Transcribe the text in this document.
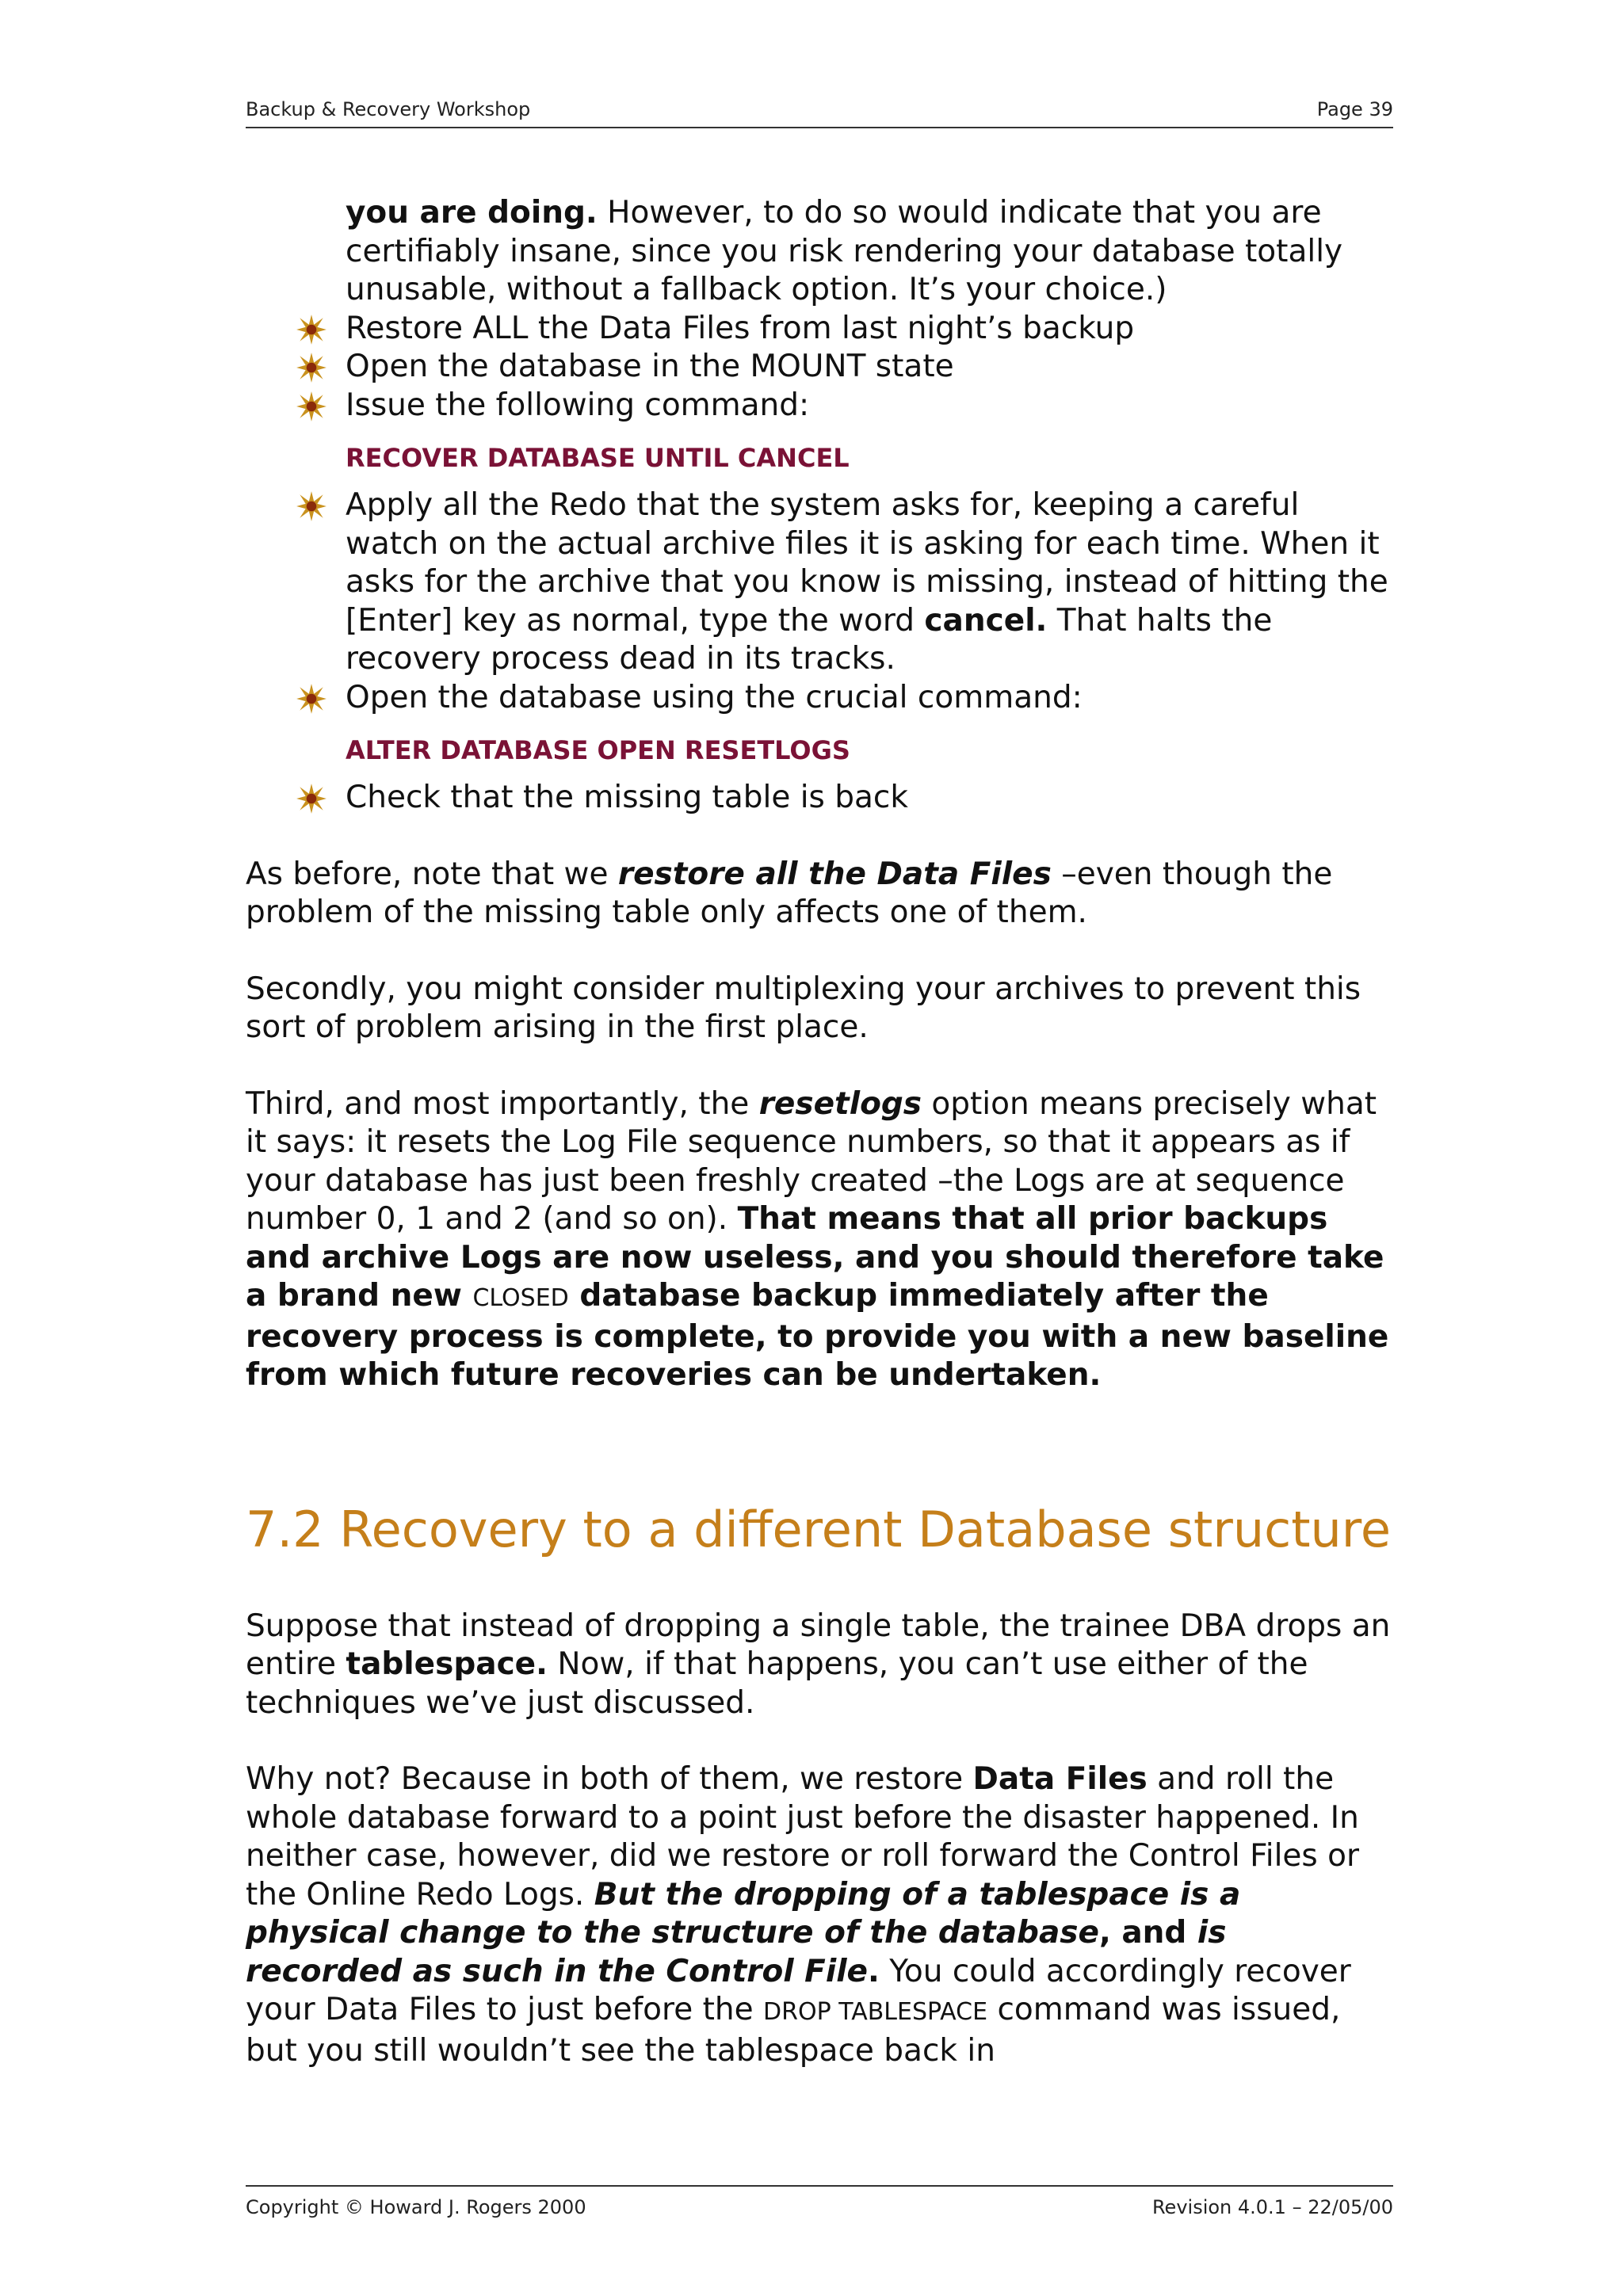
Backup & Recovery Workshop	Page 39

you are doing. However, to do so would indicate that you are certifiably insane, since you risk rendering your database totally unusable, without a fallback option. It’s your choice.)

Restore ALL the Data Files from last night’s backup
Open the database in the MOUNT state
Issue the following command:
RECOVER DATABASE UNTIL CANCEL
Apply all the Redo that the system asks for, keeping a careful watch on the actual archive files it is asking for each time. When it asks for the archive that you know is missing, instead of hitting the [Enter] key as normal, type the word cancel. That halts the recovery process dead in its tracks.
Open the database using the crucial command:
ALTER DATABASE OPEN RESETLOGS
Check that the missing table is back

As before, note that we restore all the Data Files –even though the problem of the missing table only affects one of them.

Secondly, you might consider multiplexing your archives to prevent this sort of problem arising in the first place.

Third, and most importantly, the resetlogs option means precisely what it says: it resets the Log File sequence numbers, so that it appears as if your database has just been freshly created –the Logs are at sequence number 0, 1 and 2 (and so on). That means that all prior backups and archive Logs are now useless, and you should therefore take a brand new CLOSED database backup immediately after the recovery process is complete, to provide you with a new baseline from which future recoveries can be undertaken.

7.2 Recovery to a different Database structure

Suppose that instead of dropping a single table, the trainee DBA drops an entire tablespace. Now, if that happens, you can’t use either of the techniques we’ve just discussed.

Why not? Because in both of them, we restore Data Files and roll the whole database forward to a point just before the disaster happened. In neither case, however, did we restore or roll forward the Control Files or the Online Redo Logs. But the dropping of a tablespace is a physical change to the structure of the database, and is recorded as such in the Control File. You could accordingly recover your Data Files to just before the DROP TABLESPACE command was issued, but you still wouldn’t see the tablespace back in

Copyright © Howard J. Rogers 2000	Revision 4.0.1 – 22/05/00
